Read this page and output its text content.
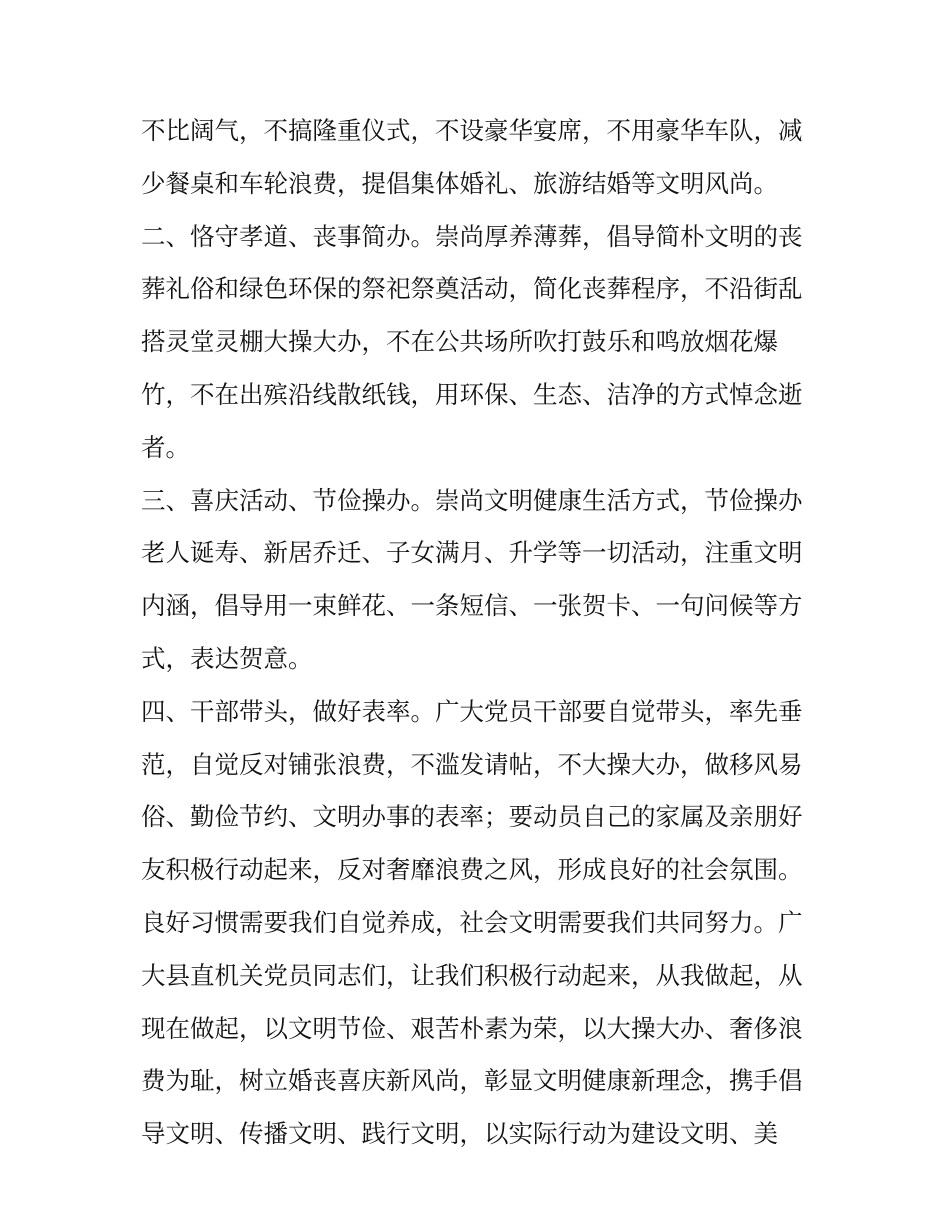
不比阔气，不搞隆重仪式，不设豪华宴席，不用豪华车队，减
少餐桌和车轮浪费，提倡集体婚礼、旅游结婚等文明风尚。
二、恪守孝道、丧事简办。崇尚厚养薄葬，倡导简朴文明的丧
葬礼俗和绿色环保的祭祀祭奠活动，简化丧葬程序，不沿街乱
搭灵堂灵棚大操大办，不在公共场所吹打鼓乐和鸣放烟花爆
竹，不在出殡沿线散纸钱，用环保、生态、洁净的方式悼念逝
者。
三、喜庆活动、节俭操办。崇尚文明健康生活方式，节俭操办
老人诞寿、新居乔迁、子女满月、升学等一切活动，注重文明
内涵，倡导用一束鲜花、一条短信、一张贺卡、一句问候等方
式，表达贺意。
四、干部带头，做好表率。广大党员干部要自觉带头，率先垂
范，自觉反对铺张浪费，不滥发请帖，不大操大办，做移风易
俗、勤俭节约、文明办事的表率；要动员自己的家属及亲朋好
友积极行动起来，反对奢靡浪费之风，形成良好的社会氛围。
良好习惯需要我们自觉养成，社会文明需要我们共同努力。广
大县直机关党员同志们，让我们积极行动起来，从我做起，从
现在做起，以文明节俭、艰苦朴素为荣，以大操大办、奢侈浪
费为耻，树立婚丧喜庆新风尚，彰显文明健康新理念，携手倡
导文明、传播文明、践行文明，以实际行动为建设文明、美
